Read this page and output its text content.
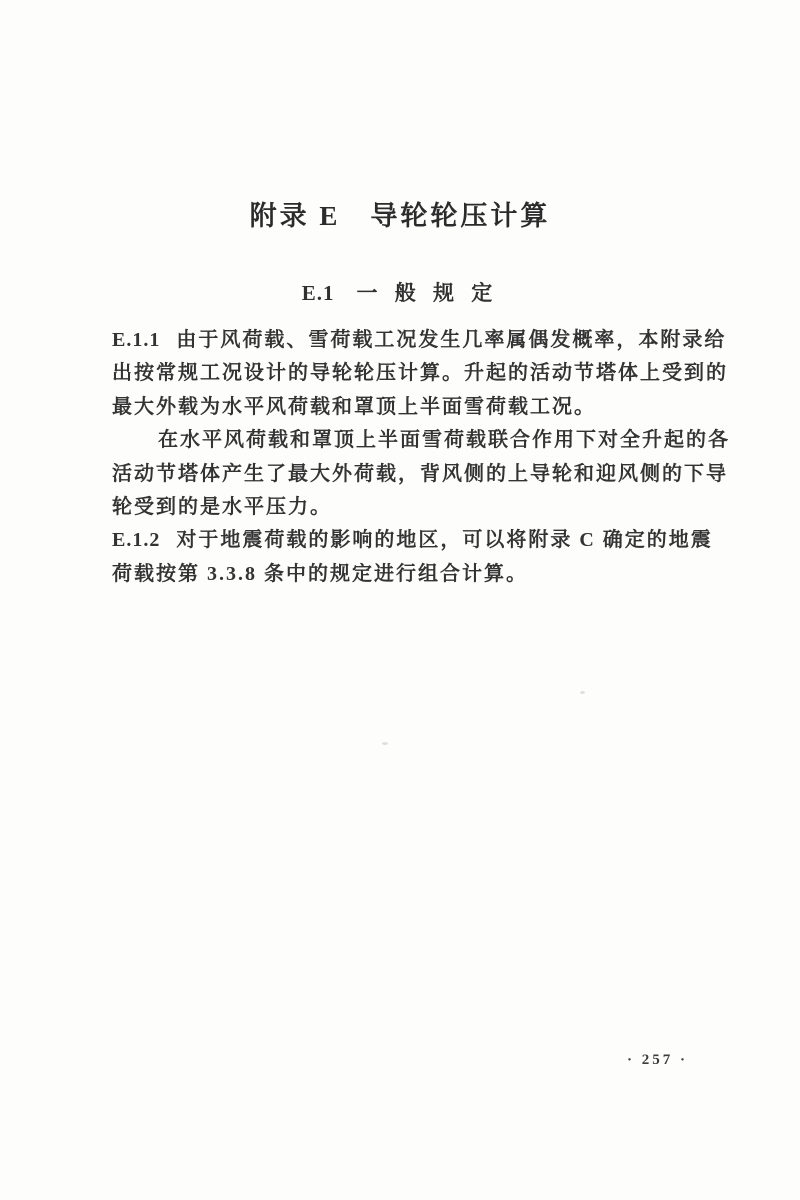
附录 E 导轮轮压计算
E.1 一 般 规 定
E.1.1 由于风荷载、雪荷载工况发生几率属偶发概率，本附录给
出按常规工况设计的导轮轮压计算。升起的活动节塔体上受到的
最大外载为水平风荷载和罩顶上半面雪荷载工况。
在水平风荷载和罩顶上半面雪荷载联合作用下对全升起的各
活动节塔体产生了最大外荷载，背风侧的上导轮和迎风侧的下导
轮受到的是水平压力。
E.1.2 对于地震荷载的影响的地区，可以将附录 C 确定的地震
荷载按第 3.3.8 条中的规定进行组合计算。
· 257 ·
